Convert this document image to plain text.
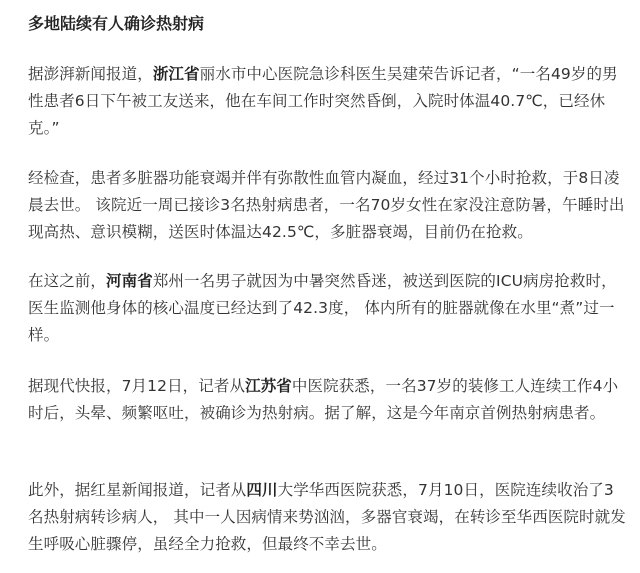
多地陆续有人确诊热射病

据澎湃新闻报道，浙江省丽水市中心医院急诊科医生吴建荣告诉记者，“一名49岁的男性患者6日下午被工友送来，他在车间工作时突然昏倒，入院时体温40.7℃，已经休克。”

经检查，患者多脏器功能衰竭并伴有弥散性血管内凝血，经过31个小时抢救，于8日凌晨去世。 该院近一周已接诊3名热射病患者，一名70岁女性在家没注意防暑，午睡时出现高热、意识模糊，送医时体温达42.5℃，多脏器衰竭，目前仍在抢救。

在这之前，河南省郑州一名男子就因为中暑突然昏迷，被送到医院的ICU病房抢救时， 医生监测他身体的核心温度已经达到了42.3度， 体内所有的脏器就像在水里“煮”过一样。

据现代快报，7月12日，记者从江苏省中医院获悉，一名37岁的装修工人连续工作4小时后，头晕、频繁呕吐，被确诊为热射病。据了解，这是今年南京首例热射病患者。

此外，据红星新闻报道，记者从四川大学华西医院获悉，7月10日，医院连续收治了3名热射病转诊病人， 其中一人因病情来势汹汹，多器官衰竭，在转诊至华西医院时就发生呼吸心脏骤停，虽经全力抢救，但最终不幸去世。
